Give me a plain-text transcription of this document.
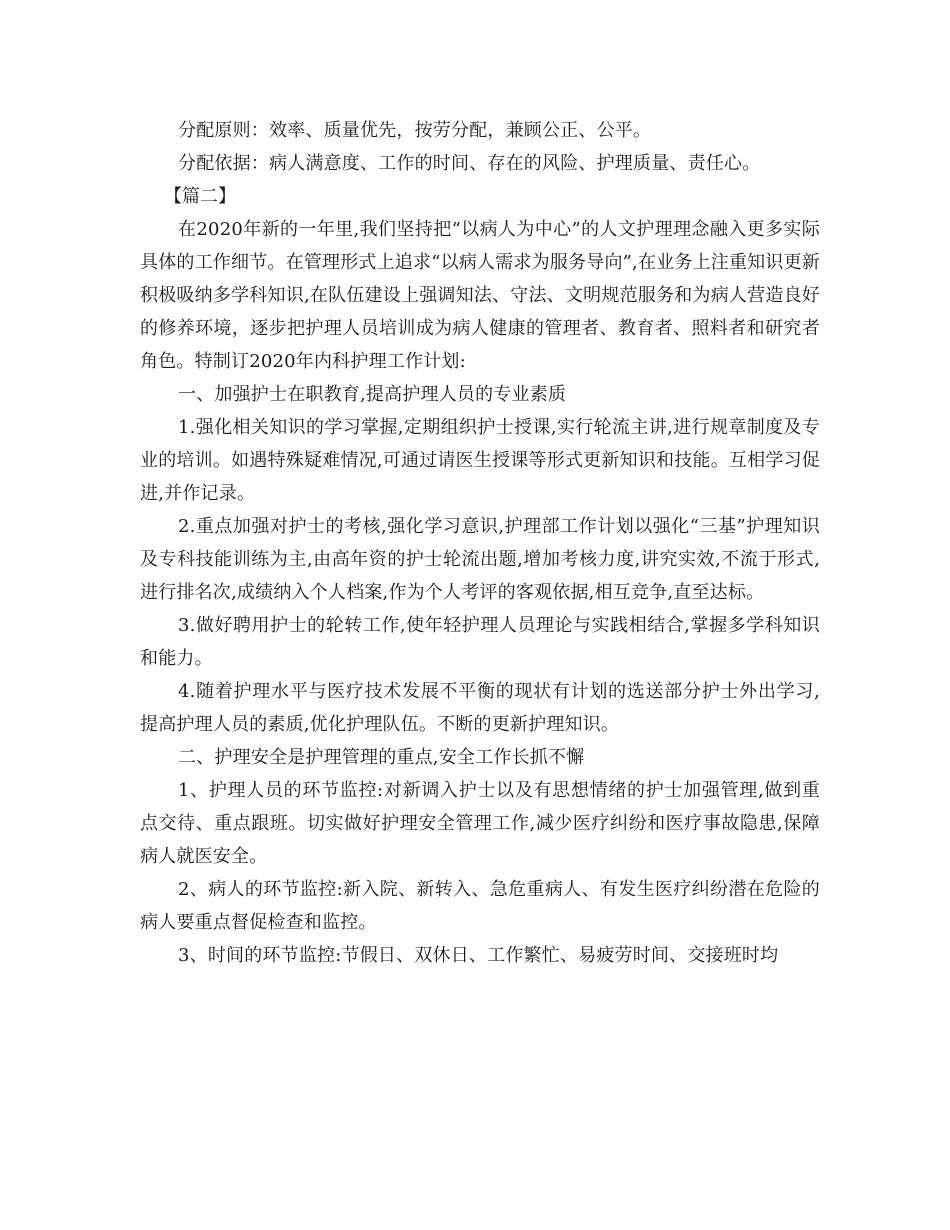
分配原则：效率、质量优先，按劳分配，兼顾公正、公平。

分配依据：病人满意度、工作的时间、存在的风险、护理质量、责任心。

【篇二】

在2020年新的一年里,我们坚持把“以病人为中心”的人文护理理念融入更多实际具体的工作细节。在管理形式上追求“以病人需求为服务导向”,在业务上注重知识更新积极吸纳多学科知识,在队伍建设上强调知法、守法、文明规范服务和为病人营造良好的修养环境，逐步把护理人员培训成为病人健康的管理者、教育者、照料者和研究者角色。特制订2020年内科护理工作计划:

一、加强护士在职教育,提高护理人员的专业素质

1.强化相关知识的学习掌握,定期组织护士授课,实行轮流主讲,进行规章制度及专业的培训。如遇特殊疑难情况,可通过请医生授课等形式更新知识和技能。互相学习促进,并作记录。

2.重点加强对护士的考核,强化学习意识,护理部工作计划以强化“三基”护理知识及专科技能训练为主,由高年资的护士轮流出题,增加考核力度,讲究实效,不流于形式,进行排名次,成绩纳入个人档案,作为个人考评的客观依据,相互竞争,直至达标。

3.做好聘用护士的轮转工作,使年轻护理人员理论与实践相结合,掌握多学科知识和能力。

4.随着护理水平与医疗技术发展不平衡的现状有计划的选送部分护士外出学习,提高护理人员的素质,优化护理队伍。不断的更新护理知识。

二、护理安全是护理管理的重点,安全工作长抓不懈

1、护理人员的环节监控:对新调入护士以及有思想情绪的护士加强管理,做到重点交待、重点跟班。切实做好护理安全管理工作,减少医疗纠纷和医疗事故隐患,保障病人就医安全。

2、病人的环节监控:新入院、新转入、急危重病人、有发生医疗纠纷潜在危险的病人要重点督促检查和监控。

3、时间的环节监控:节假日、双休日、工作繁忙、易疲劳时间、交接班时均
